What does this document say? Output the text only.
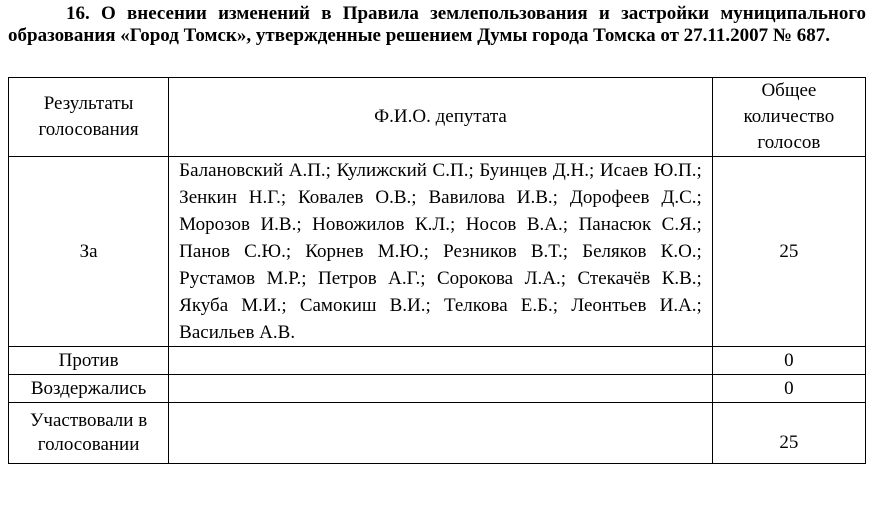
16. О внесении изменений в Правила землепользования и застройки муниципального образования «Город Томск», утвержденные решением Думы города Томска от 27.11.2007 № 687.
Результаты голосования	Ф.И.О. депутата	Общее количество голосов
За	Балановский А.П.; Кулижский С.П.; Буинцев Д.Н.; Исаев Ю.П.; Зенкин Н.Г.; Ковалев О.В.; Вавилова И.В.; Дорофеев Д.С.; Морозов И.В.; Новожилов К.Л.; Носов В.А.; Панасюк С.Я.; Панов С.Ю.; Корнев М.Ю.; Резников В.Т.; Беляков К.О.; Рустамов М.Р.; Петров А.Г.; Сорокова Л.А.; Стекачёв К.В.; Якуба М.И.; Самокиш В.И.; Телкова Е.Б.; Леонтьев И.А.; Васильев А.В.	25
Против		0
Воздержались		0
Участвовали в голосовании		25
